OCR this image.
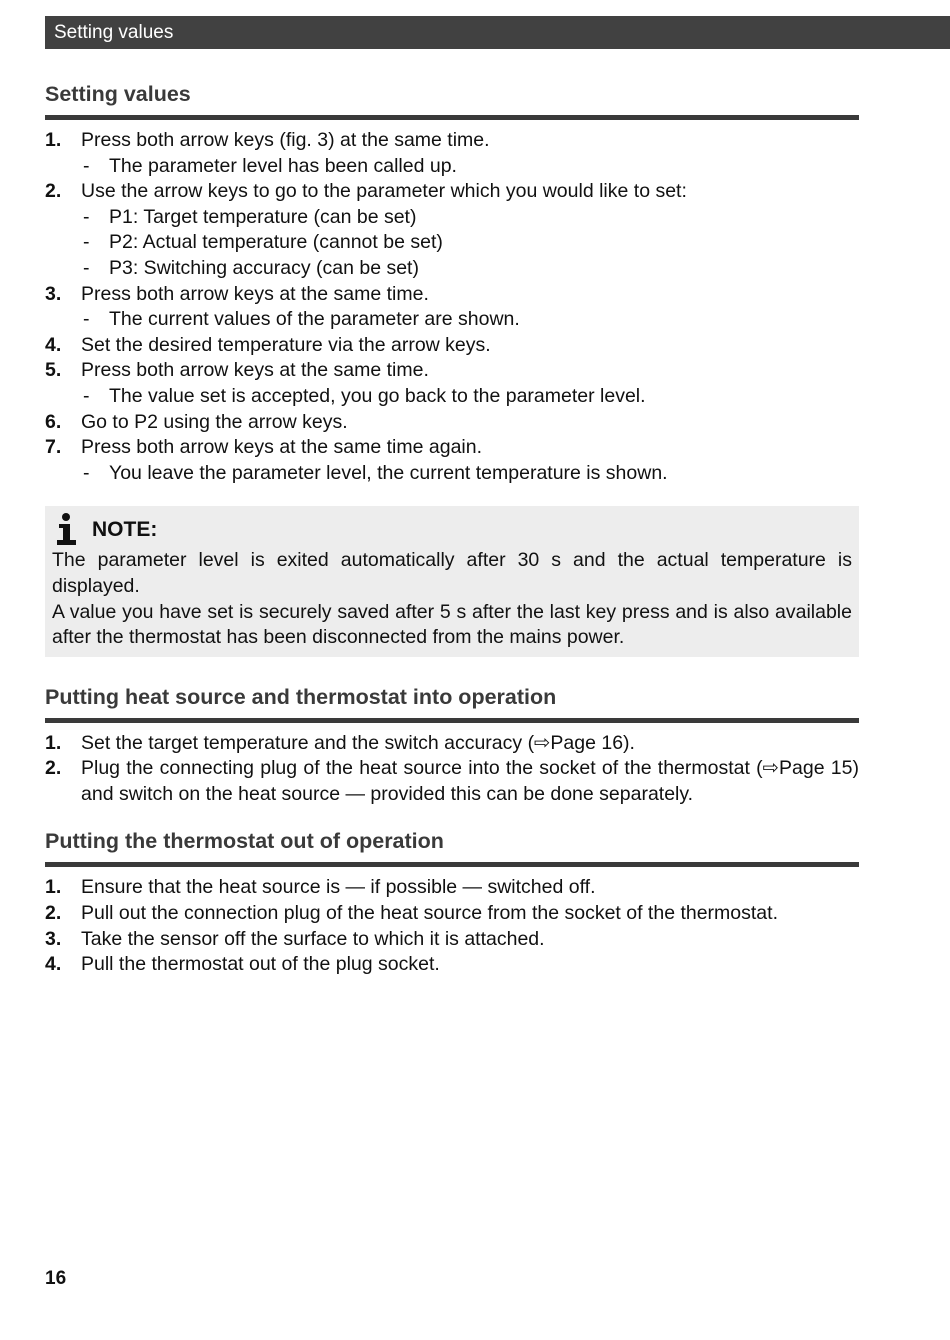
Setting values
Setting values
1.	Press both arrow keys (fig. 3) at the same time.
-	The parameter level has been called up.
2.	Use the arrow keys to go to the parameter which you would like to set:
-	P1: Target temperature (can be set)
-	P2: Actual temperature (cannot be set)
-	P3: Switching accuracy (can be set)
3.	Press both arrow keys at the same time.
-	The current values of the parameter are shown.
4.	Set the desired temperature via the arrow keys.
5.	Press both arrow keys at the same time.
-	The value set is accepted, you go back to the parameter level.
6.	Go to P2 using the arrow keys.
7.	Press both arrow keys at the same time again.
-	You leave the parameter level, the current temperature is shown.
NOTE:

The parameter level is exited automatically after 30 s and the actual temperature is displayed.

A value you have set is securely saved after 5 s after the last key press and is also available after the thermostat has been disconnected from the mains power.

Putting heat source and thermostat into operation
1.	Set the target temperature and the switch accuracy (⇨Page 16).
2.	Plug the connecting plug of the heat source into the socket of the thermostat (⇨Page 15) and switch on the heat source — provided this can be done separately.
Putting the thermostat out of operation
1.	Ensure that the heat source is — if possible — switched off.
2.	Pull out the connection plug of the heat source from the socket of the thermostat.
3.	Take the sensor off the surface to which it is attached.
4.	Pull the thermostat out of the plug socket.
16
